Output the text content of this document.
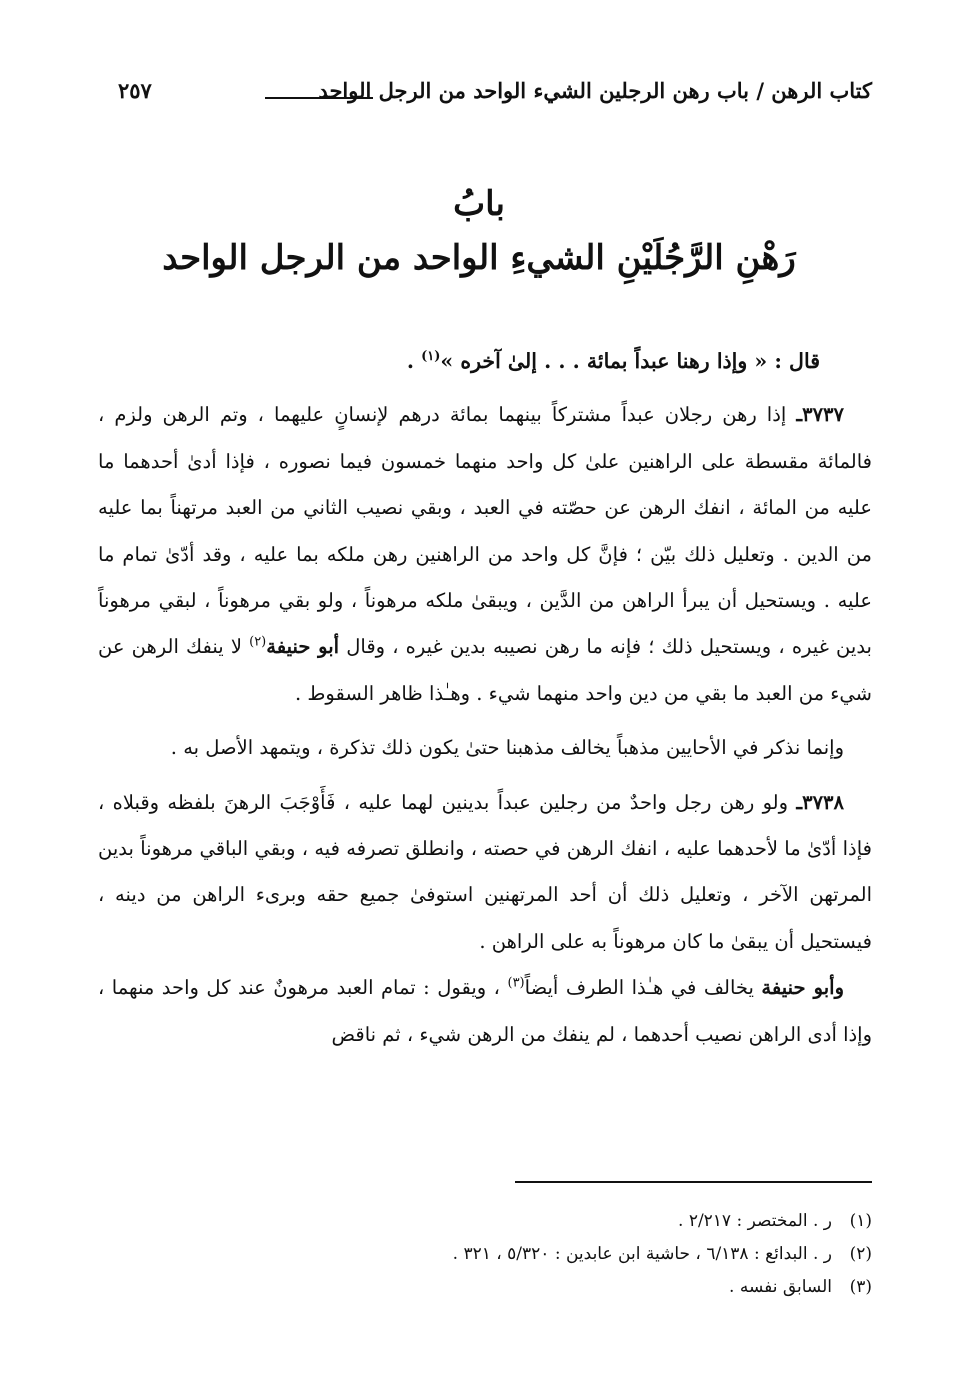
كتاب الرهن / باب رهن الرجلين الشيء الواحد من الرجل الواحد
٢٥٧
بابُ
رَهْنِ الرَّجُلَيْنِ الشيءِ الواحد من الرجل الواحد

قال : « وإذا رهنا عبداً بمائة . . . إلىٰ آخره »$^{(١)}$ .

٣٧٣٧ـ إذا رهن رجلان عبداً مشتركاً بينهما بمائة درهم لإنسانٍ عليهما ، وتم الرهن ولزم ، فالمائة مقسطة على الراهنين علىٰ كل واحد منهما خمسون فيما نصوره ، فإذا أدىٰ أحدهما ما عليه من المائة ، انفك الرهن عن حصّته في العبد ، وبقي نصيب الثاني من العبد مرتهناً بما عليه من الدين . وتعليل ذلك بيّن ؛ فإنَّ كل واحد من الراهنين رهن ملكه بما عليه ، وقد أدّىٰ تمام ما عليه . ويستحيل أن يبرأ الراهن من الدَّين ، ويبقىٰ ملكه مرهوناً ، ولو بقي مرهوناً ، لبقي مرهوناً بدين غيره ، ويستحيل ذلك ؛ فإنه ما رهن نصيبه بدين غيره ، وقال أبو حنيفة$^{(٢)}$ لا ينفك الرهن عن شيء من العبد ما بقي من دين واحد منهما شيء . وهـٰذا ظاهر السقوط .

وإنما نذكر في الأحايين مذهباً يخالف مذهبنا حتىٰ يكون ذلك تذكرة ، ويتمهد الأصل به .

٣٧٣٨ـ ولو رهن رجل واحدٌ من رجلين عبداً بدينين لهما عليه ، فَأَوْجَبَ الرهنَ بلفظه وقبلاه ، فإذا أدّىٰ ما لأحدهما عليه ، انفك الرهن في حصته ، وانطلق تصرفه فيه ، وبقي الباقي مرهوناً بدين المرتهن الآخر ، وتعليل ذلك أن أحد المرتهنين استوفىٰ جميع حقه وبرىء الراهن من دينه ، فيستحيل أن يبقىٰ ما كان مرهوناً به على الراهن .

وأبو حنيفة يخالف في هـٰذا الطرف أيضاً$^{(٣)}$ ، ويقول : تمام العبد مرهونٌ عند كل واحد منهما ، وإذا أدى الراهن نصيب أحدهما ، لم ينفك من الرهن شيء ، ثم ناقض

(١)ر . المختصر : ٢/٢١٧ .
(٢)ر . البدائع : ٦/١٣٨ ، حاشية ابن عابدين : ٥/٣٢٠ ، ٣٢١ .
(٣)السابق نفسه .
